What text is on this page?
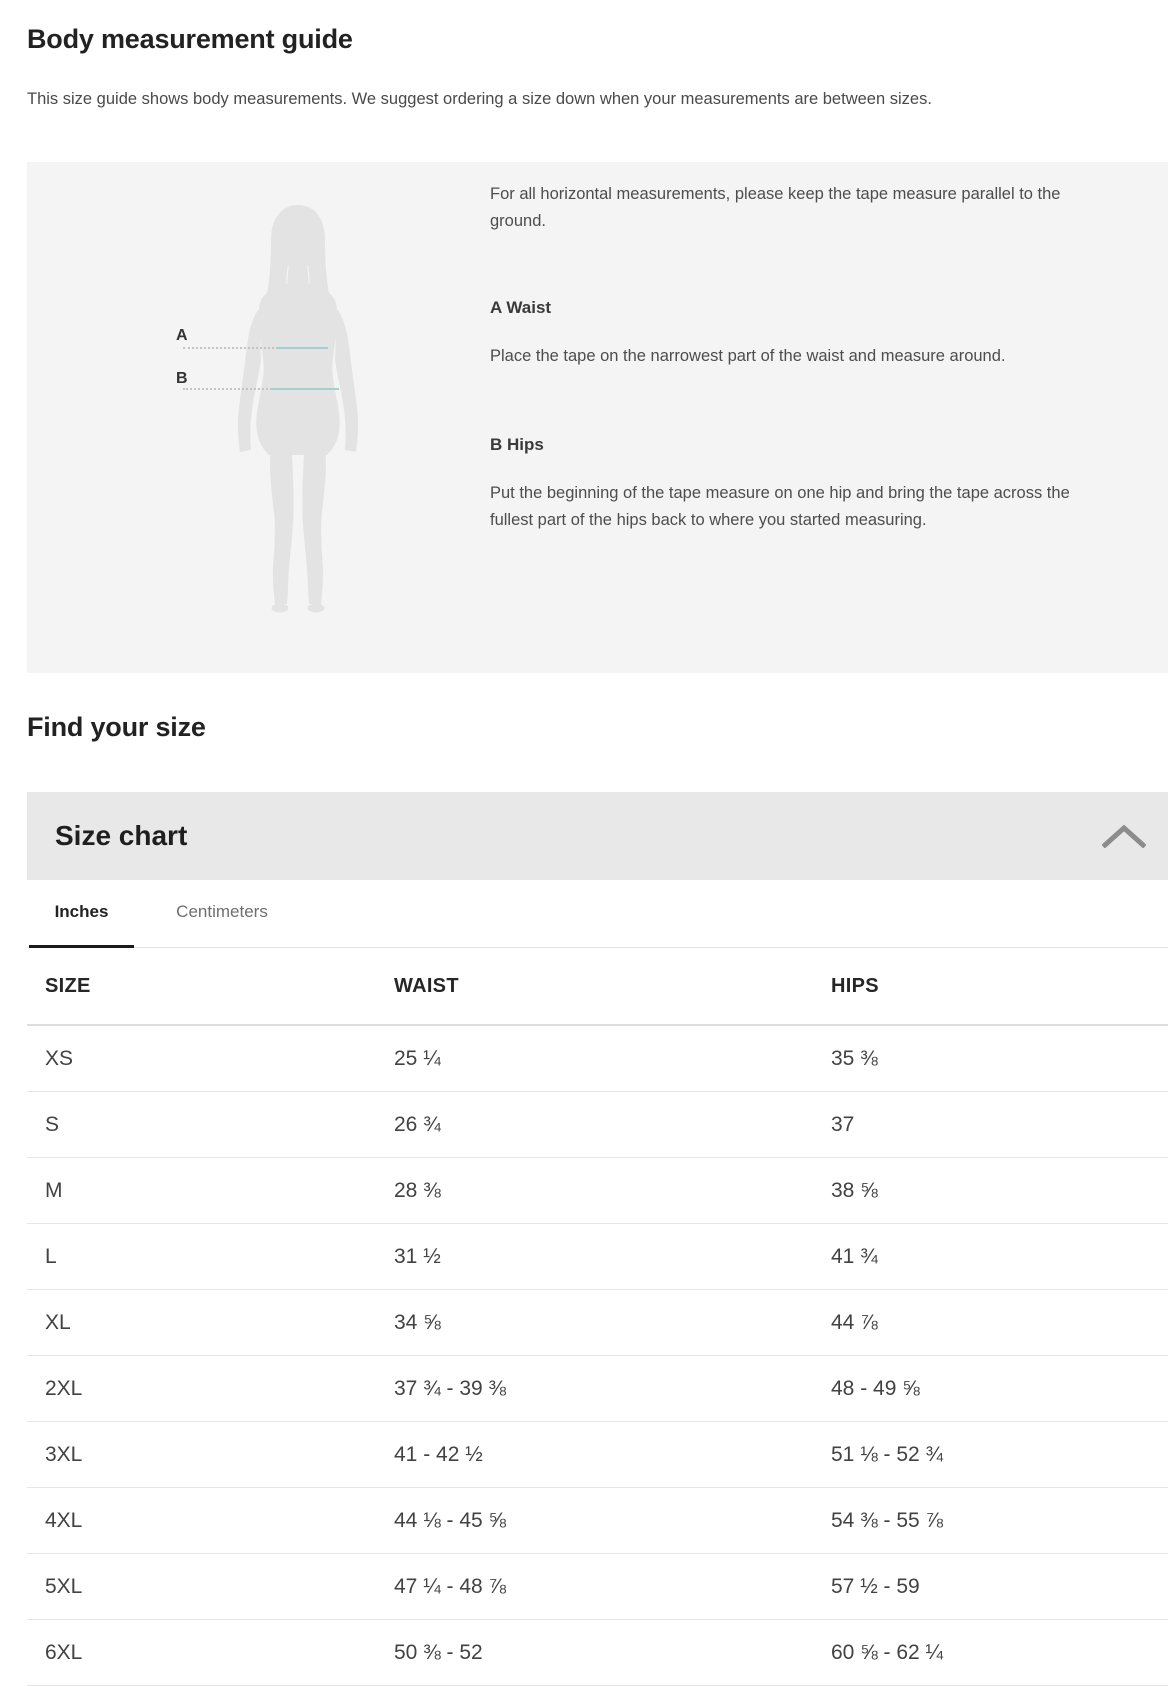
Body measurement guide

This size guide shows body measurements. We suggest ordering a size down when your measurements are between sizes.

A
B

For all horizontal measurements, please keep the tape measure parallel to the ground.

A Waist

Place the tape on the narrowest part of the waist and measure around.

B Hips

Put the beginning of the tape measure on one hip and bring the tape across the fullest part of the hips back to where you started measuring.

Find your size
Size chart
Inches	Centimeters
SIZE	WAIST	HIPS
XS	25 ¼	35 ⅜
S	26 ¾	37
M	28 ⅜	38 ⅝
L	31 ½	41 ¾
XL	34 ⅝	44 ⅞
2XL	37 ¾ - 39 ⅜	48 - 49 ⅝
3XL	41 - 42 ½	51 ⅛ - 52 ¾
4XL	44 ⅛ - 45 ⅝	54 ⅜ - 55 ⅞
5XL	47 ¼ - 48 ⅞	57 ½ - 59
6XL	50 ⅜ - 52	60 ⅝ - 62 ¼
